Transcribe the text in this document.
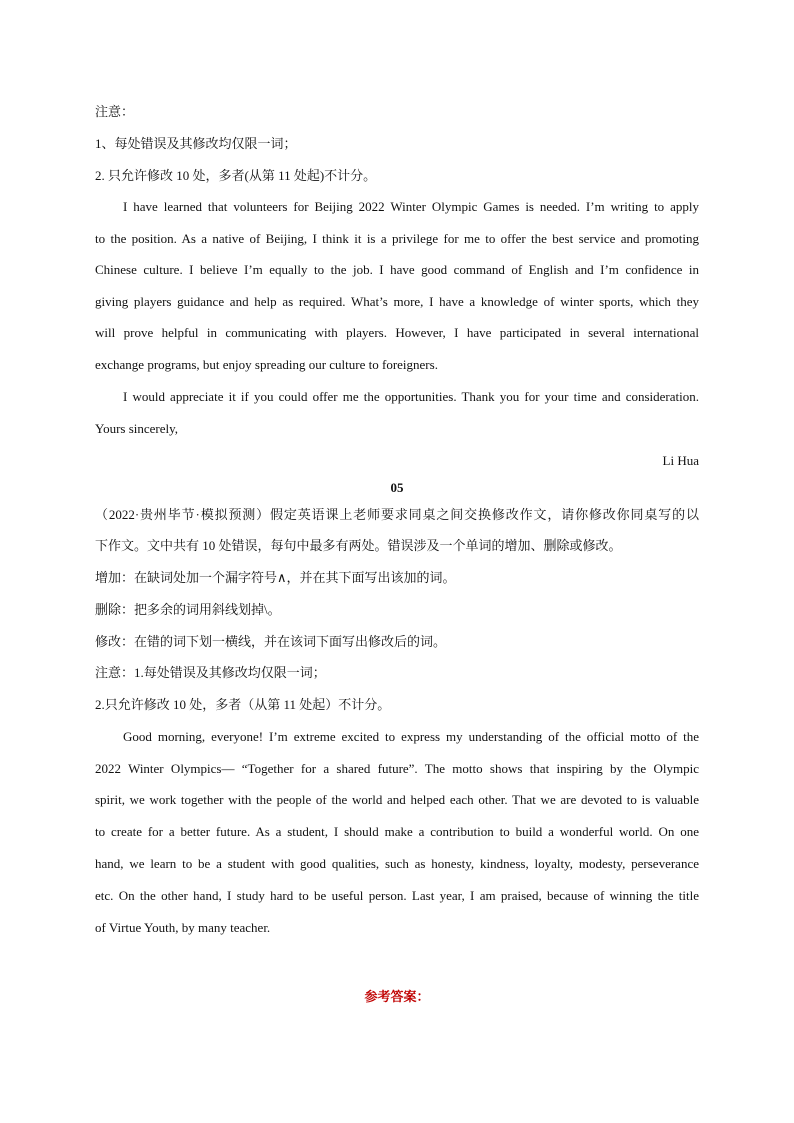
注意：
1、每处错误及其修改均仅限一词；
2. 只允许修改 10 处，多者(从第 11 处起)不计分。
I have learned that volunteers for Beijing 2022 Winter Olympic Games is needed. I’m writing to apply
to the position. As a native of Beijing, I think it is a privilege for me to offer the best service and promoting
Chinese culture. I believe I’m equally to the job. I have good command of English and I’m confidence in
giving players guidance and help as required. What’s more, I have a knowledge of winter sports, which they
will prove helpful in communicating with players. However, I have participated in several international
exchange programs, but enjoy spreading our culture to foreigners.
I would appreciate it if you could offer me the opportunities. Thank you for your time and consideration.
Yours sincerely,
Li Hua
05
（2022·贵州毕节·模拟预测）假定英语课上老师要求同桌之间交换修改作文，请你修改你同桌写的以
下作文。文中共有 10 处错误，每句中最多有两处。错误涉及一个单词的增加、删除或修改。
增加：在缺词处加一个漏字符号∧，并在其下面写出该加的词。
删除：把多余的词用斜线划掉\。
修改：在错的词下划一横线，并在该词下面写出修改后的词。
注意：1.每处错误及其修改均仅限一词；
2.只允许修改 10 处，多者（从第 11 处起）不计分。
Good morning, everyone! I’m extreme excited to express my understanding of the official motto of the
2022 Winter Olympics— “Together for a shared future”. The motto shows that inspiring by the Olympic
spirit, we work together with the people of the world and helped each other. That we are devoted to is valuable
to create for a better future. As a student, I should make a contribution to build a wonderful world. On one
hand, we learn to be a student with good qualities, such as honesty, kindness, loyalty, modesty, perseverance
etc. On the other hand, I study hard to be useful person. Last year, I am praised, because of winning the title
of Virtue Youth, by many teacher.
参考答案：
